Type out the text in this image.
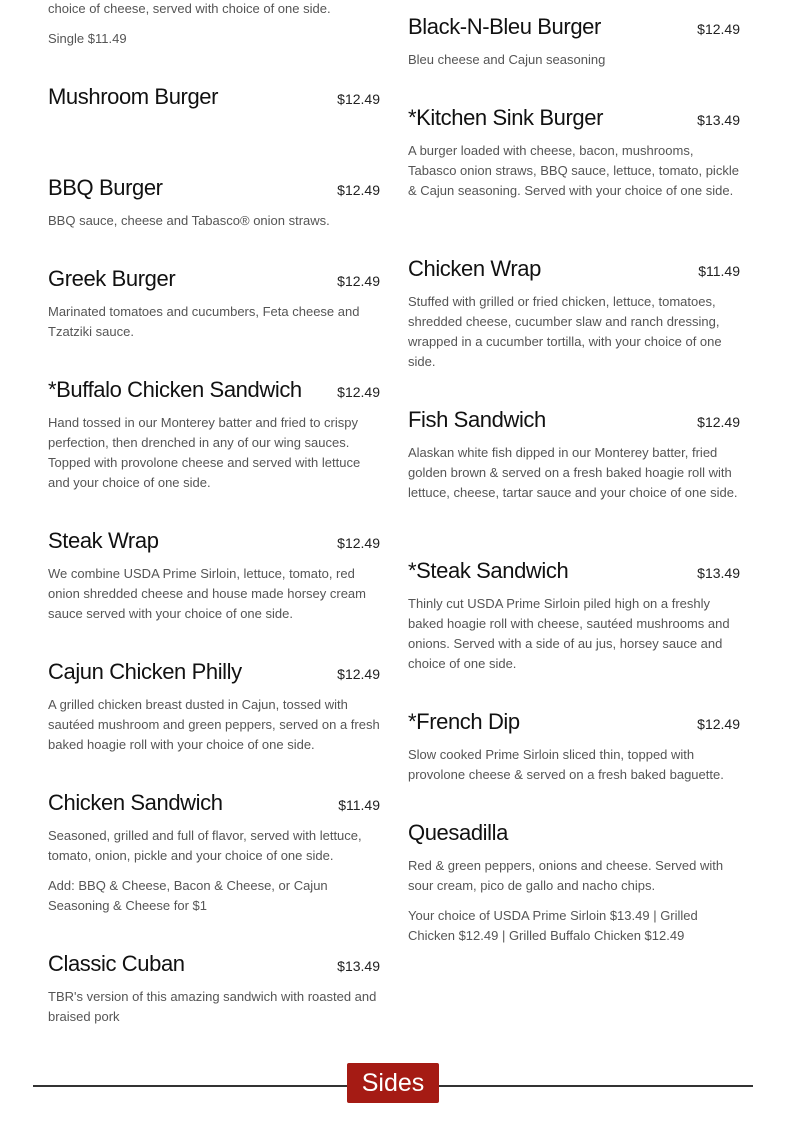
choice of cheese, served with choice of one side.

Single $11.49

Mushroom Burger	$12.49
BBQ Burger	$12.49

BBQ sauce, cheese and Tabasco® onion straws.

Greek Burger	$12.49

Marinated tomatoes and cucumbers, Feta cheese and Tzatziki sauce.

*Buffalo Chicken Sandwich	$12.49

Hand tossed in our Monterey batter and fried to crispy perfection, then drenched in any of our wing sauces. Topped with provolone cheese and served with lettuce and your choice of one side.

Steak Wrap	$12.49

We combine USDA Prime Sirloin, lettuce, tomato, red onion shredded cheese and house made horsey cream sauce served with your choice of one side.

Cajun Chicken Philly	$12.49

A grilled chicken breast dusted in Cajun, tossed with sautéed mushroom and green peppers, served on a fresh baked hoagie roll with your choice of one side.

Chicken Sandwich	$11.49

Seasoned, grilled and full of flavor, served with lettuce, tomato, onion, pickle and your choice of one side.

Add: BBQ & Cheese, Bacon & Cheese, or Cajun Seasoning & Cheese for $1

Classic Cuban	$13.49

TBR's version of this amazing sandwich with roasted and braised pork

Black-N-Bleu Burger	$12.49

Bleu cheese and Cajun seasoning

*Kitchen Sink Burger	$13.49

A burger loaded with cheese, bacon, mushrooms, Tabasco onion straws, BBQ sauce, lettuce, tomato, pickle & Cajun seasoning. Served with your choice of one side.

Chicken Wrap	$11.49

Stuffed with grilled or fried chicken, lettuce, tomatoes, shredded cheese, cucumber slaw and ranch dressing, wrapped in a cucumber tortilla, with your choice of one side.

Fish Sandwich	$12.49

Alaskan white fish dipped in our Monterey batter, fried golden brown & served on a fresh baked hoagie roll with lettuce, cheese, tartar sauce and your choice of one side.

*Steak Sandwich	$13.49

Thinly cut USDA Prime Sirloin piled high on a freshly baked hoagie roll with cheese, sautéed mushrooms and onions. Served with a side of au jus, horsey sauce and choice of one side.

*French Dip	$12.49

Slow cooked Prime Sirloin sliced thin, topped with provolone cheese & served on a fresh baked baguette.

Quesadilla

Red & green peppers, onions and cheese. Served with sour cream, pico de gallo and nacho chips.

Your choice of USDA Prime Sirloin $13.49 | Grilled Chicken $12.49 | Grilled Buffalo Chicken $12.49

Sides
